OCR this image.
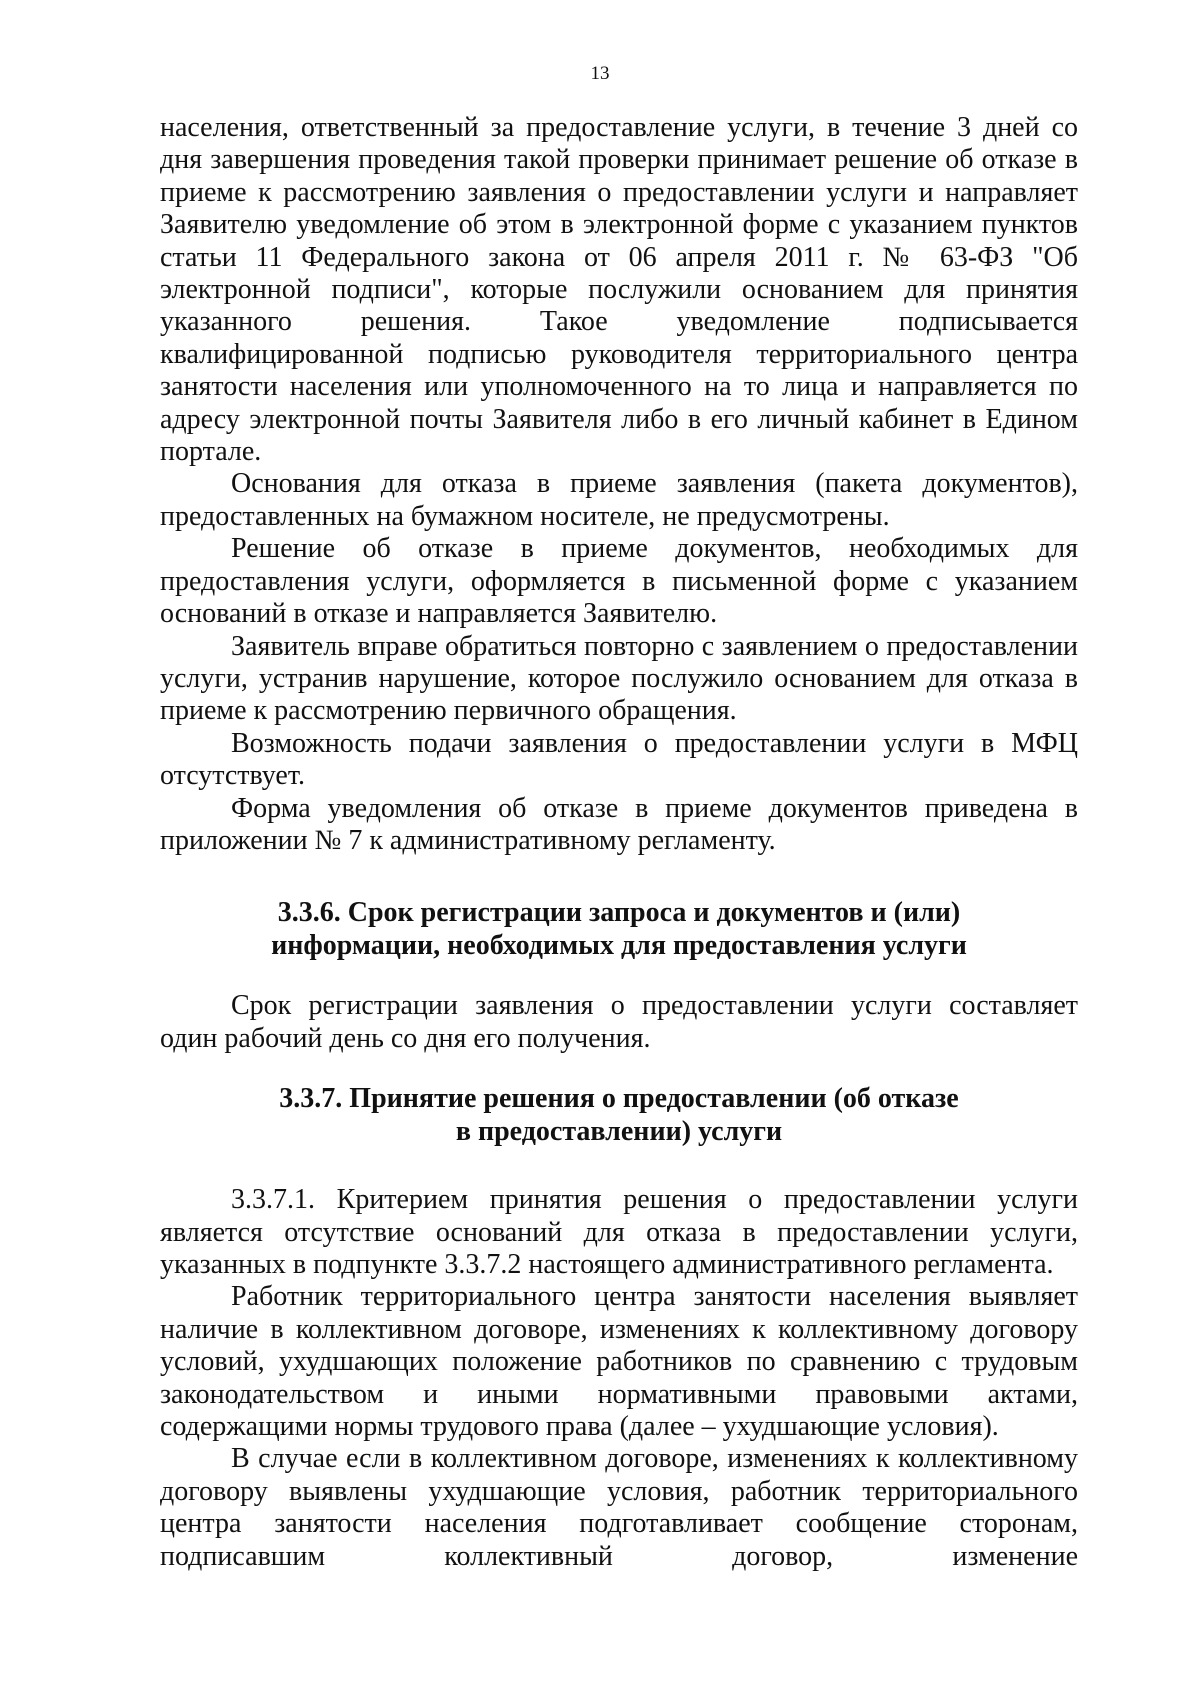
13

населения, ответственный за предоставление услуги, в течение 3 дней со дня завершения проведения такой проверки принимает решение об отказе в приеме к рассмотрению заявления о предоставлении услуги и направляет Заявителю уведомление об этом в электронной форме с указанием пунктов статьи 11 Федерального закона от 06 апреля 2011 г. № 63-ФЗ "Об электронной подписи", которые послужили основанием для принятия указанного решения. Такое уведомление подписывается квалифицированной подписью руководителя территориального центра занятости населения или уполномоченного на то лица и направляется по адресу электронной почты Заявителя либо в его личный кабинет в Едином портале.

Основания для отказа в приеме заявления (пакета документов), предоставленных на бумажном носителе, не предусмотрены.

Решение об отказе в приеме документов, необходимых для предоставления услуги, оформляется в письменной форме с указанием оснований в отказе и направляется Заявителю.

Заявитель вправе обратиться повторно с заявлением о предоставлении услуги, устранив нарушение, которое послужило основанием для отказа в приеме к рассмотрению первичного обращения.

Возможность подачи заявления о предоставлении услуги в МФЦ отсутствует.

Форма уведомления об отказе в приеме документов приведена в приложении № 7 к административному регламенту.

3.3.6. Срок регистрации запроса и документов и (или)
информации, необходимых для предоставления услуги

Срок регистрации заявления о предоставлении услуги составляет один рабочий день со дня его получения.

3.3.7. Принятие решения о предоставлении (об отказе
в предоставлении) услуги

3.3.7.1. Критерием принятия решения о предоставлении услуги является отсутствие оснований для отказа в предоставлении услуги, указанных в подпункте 3.3.7.2 настоящего административного регламента.

Работник территориального центра занятости населения выявляет наличие в коллективном договоре, изменениях к коллективному договору условий, ухудшающих положение работников по сравнению с трудовым законодательством и иными нормативными правовыми актами, содержащими нормы трудового права (далее – ухудшающие условия).

В случае если в коллективном договоре, изменениях к коллективному договору выявлены ухудшающие условия, работник территориального центра занятости населения подготавливает сообщение сторонам, подписавшим коллективный договор, изменение
